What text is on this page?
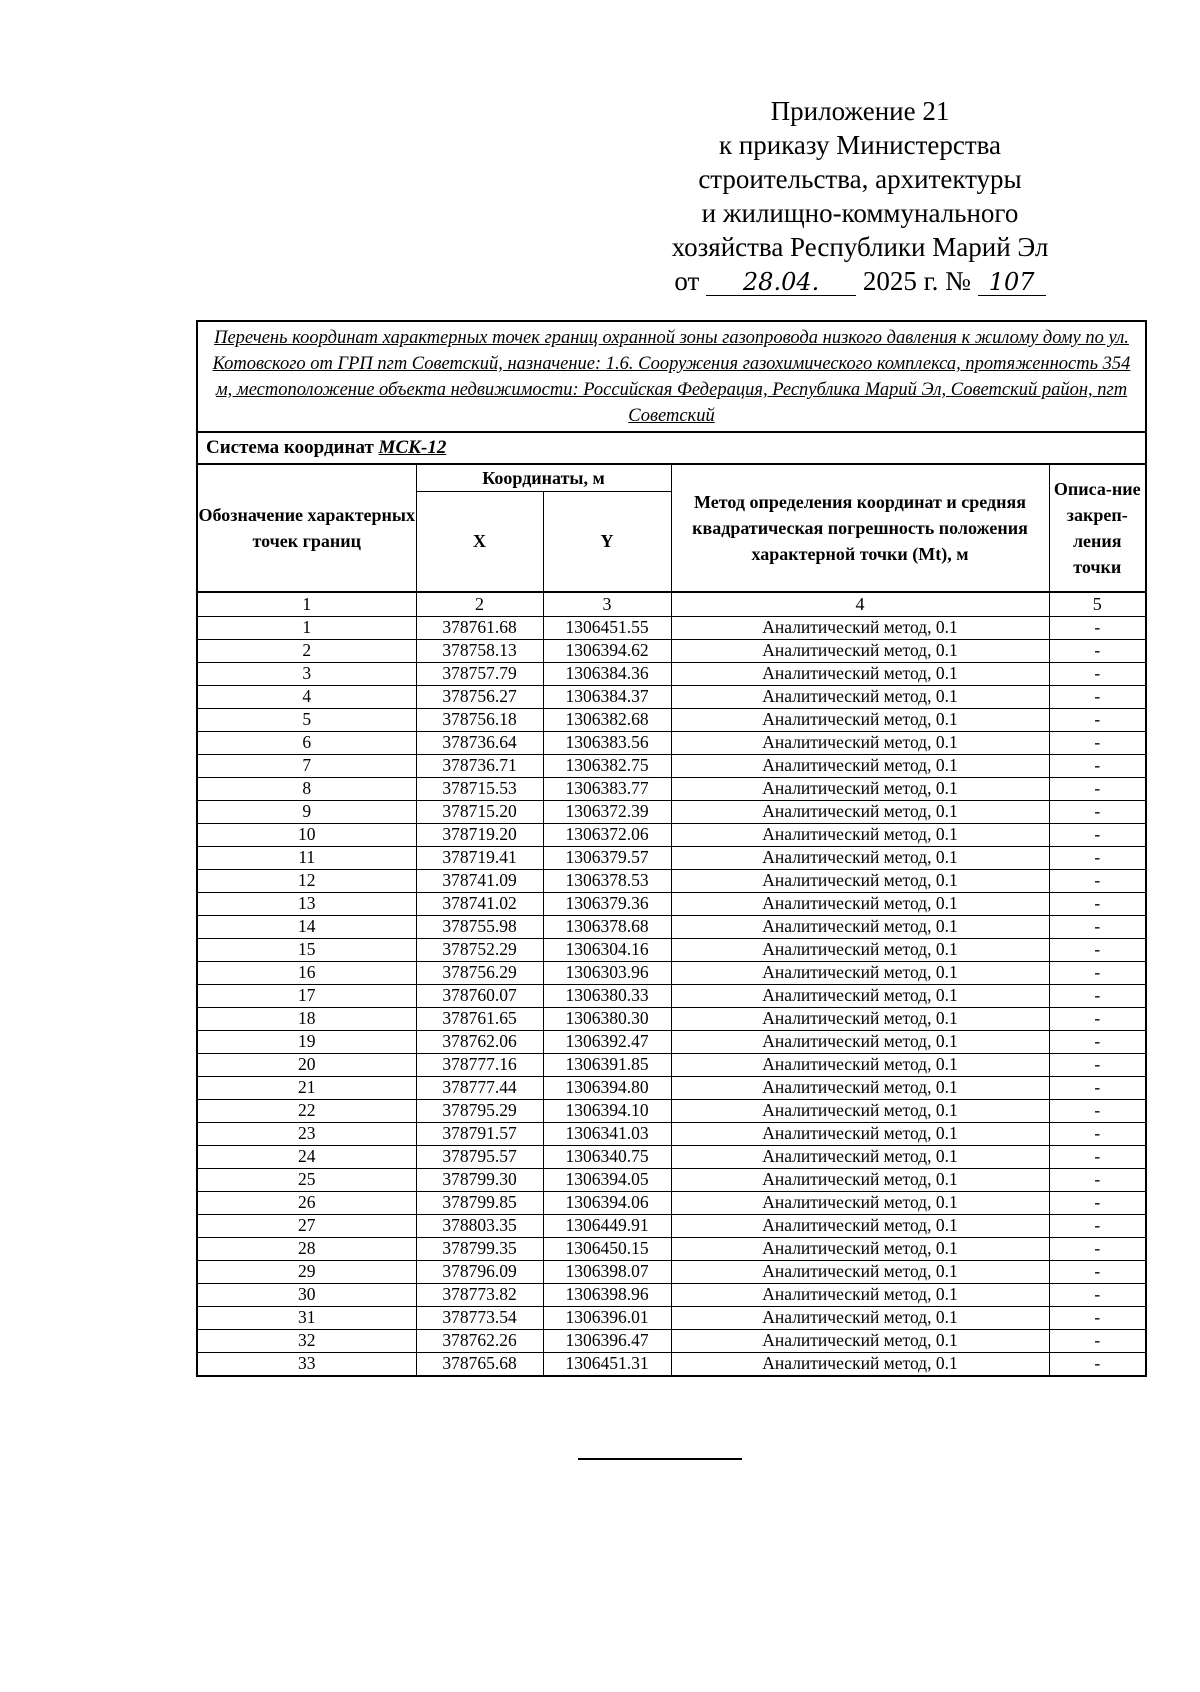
Приложение 21
к приказу Министерства
строительства, архитектуры
и жилищно-коммунального
хозяйства Республики Марий Эл
от 28.04. 2025 г. № 107
Перечень координат характерных точек границ охранной зоны газопровода низкого давления к жилому дому по ул. Котовского от ГРП пгт Советский, назначение: 1.6. Сооружения газохимического комплекса, протяженность 354 м, местоположение объекта недвижимости: Российская Федерация, Республика Марий Эл, Советский район, пгт Советский
Система координат МСК-12
Обозначение характерных точек границ	Координаты, м		Метод определения координат и средняя квадратическая погрешность положения характерной точки (Mt), м	Описа-ние закреп-ления точки
	X	Y		
1	2	3	4	5
1	378761.68	1306451.55	Аналитический метод, 0.1	-
2	378758.13	1306394.62	Аналитический метод, 0.1	-
3	378757.79	1306384.36	Аналитический метод, 0.1	-
4	378756.27	1306384.37	Аналитический метод, 0.1	-
5	378756.18	1306382.68	Аналитический метод, 0.1	-
6	378736.64	1306383.56	Аналитический метод, 0.1	-
7	378736.71	1306382.75	Аналитический метод, 0.1	-
8	378715.53	1306383.77	Аналитический метод, 0.1	-
9	378715.20	1306372.39	Аналитический метод, 0.1	-
10	378719.20	1306372.06	Аналитический метод, 0.1	-
11	378719.41	1306379.57	Аналитический метод, 0.1	-
12	378741.09	1306378.53	Аналитический метод, 0.1	-
13	378741.02	1306379.36	Аналитический метод, 0.1	-
14	378755.98	1306378.68	Аналитический метод, 0.1	-
15	378752.29	1306304.16	Аналитический метод, 0.1	-
16	378756.29	1306303.96	Аналитический метод, 0.1	-
17	378760.07	1306380.33	Аналитический метод, 0.1	-
18	378761.65	1306380.30	Аналитический метод, 0.1	-
19	378762.06	1306392.47	Аналитический метод, 0.1	-
20	378777.16	1306391.85	Аналитический метод, 0.1	-
21	378777.44	1306394.80	Аналитический метод, 0.1	-
22	378795.29	1306394.10	Аналитический метод, 0.1	-
23	378791.57	1306341.03	Аналитический метод, 0.1	-
24	378795.57	1306340.75	Аналитический метод, 0.1	-
25	378799.30	1306394.05	Аналитический метод, 0.1	-
26	378799.85	1306394.06	Аналитический метод, 0.1	-
27	378803.35	1306449.91	Аналитический метод, 0.1	-
28	378799.35	1306450.15	Аналитический метод, 0.1	-
29	378796.09	1306398.07	Аналитический метод, 0.1	-
30	378773.82	1306398.96	Аналитический метод, 0.1	-
31	378773.54	1306396.01	Аналитический метод, 0.1	-
32	378762.26	1306396.47	Аналитический метод, 0.1	-
33	378765.68	1306451.31	Аналитический метод, 0.1	-
